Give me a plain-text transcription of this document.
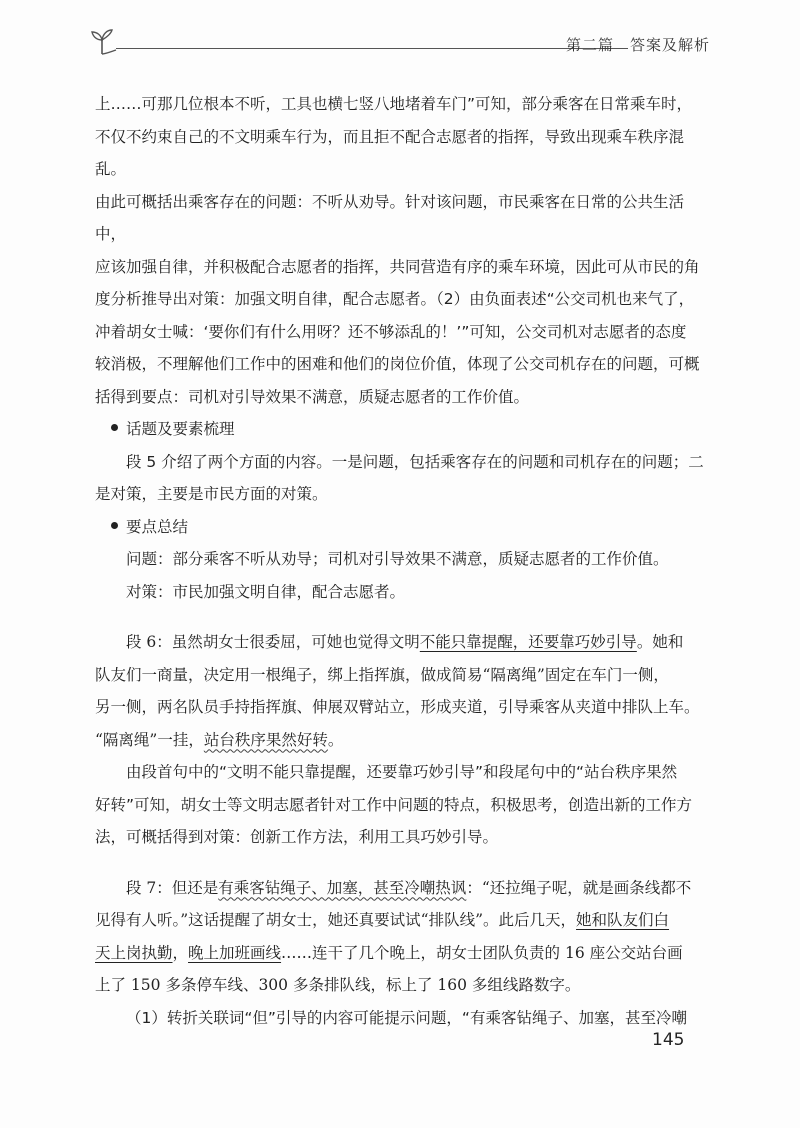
第二篇　答案及解析

上……可那几位根本不听，工具也横七竖八地堵着车门”可知，部分乘客在日常乘车时，

不仅不约束自己的不文明乘车行为，而且拒不配合志愿者的指挥，导致出现乘车秩序混乱。

由此可概括出乘客存在的问题：不听从劝导。针对该问题，市民乘客在日常的公共生活中，

应该加强自律，并积极配合志愿者的指挥，共同营造有序的乘车环境，因此可从市民的角

度分析推导出对策：加强文明自律，配合志愿者。（2）由负面表述“公交司机也来气了，

冲着胡女士喊：‘要你们有什么用呀？还不够添乱的！’”可知，公交司机对志愿者的态度

较消极，不理解他们工作中的困难和他们的岗位价值，体现了公交司机存在的问题，可概

括得到要点：司机对引导效果不满意，质疑志愿者的工作价值。

话题及要素梳理

段 5 介绍了两个方面的内容。一是问题，包括乘客存在的问题和司机存在的问题；二

是对策，主要是市民方面的对策。

要点总结

问题：部分乘客不听从劝导；司机对引导效果不满意，质疑志愿者的工作价值。

对策：市民加强文明自律，配合志愿者。

段 6：虽然胡女士很委屈，可她也觉得文明不能只靠提醒，还要靠巧妙引导。她和

队友们一商量，决定用一根绳子，绑上指挥旗，做成简易“隔离绳”固定在车门一侧，

另一侧，两名队员手持指挥旗、伸展双臂站立，形成夹道，引导乘客从夹道中排队上车。

“隔离绳”一挂，站台秩序果然好转。

由段首句中的“文明不能只靠提醒，还要靠巧妙引导”和段尾句中的“站台秩序果然

好转”可知，胡女士等文明志愿者针对工作中问题的特点，积极思考，创造出新的工作方

法，可概括得到对策：创新工作方法，利用工具巧妙引导。

段 7：但还是有乘客钻绳子、加塞，甚至冷嘲热讽：“还拉绳子呢，就是画条线都不

见得有人听。”这话提醒了胡女士，她还真要试试“排队线”。此后几天，她和队友们白

天上岗执勤，晚上加班画线……连干了几个晚上，胡女士团队负责的 16 座公交站台画

上了 150 多条停车线、300 多条排队线，标上了 160 多组线路数字。

（1）转折关联词“但”引导的内容可能提示问题，“有乘客钻绳子、加塞，甚至冷嘲

145
